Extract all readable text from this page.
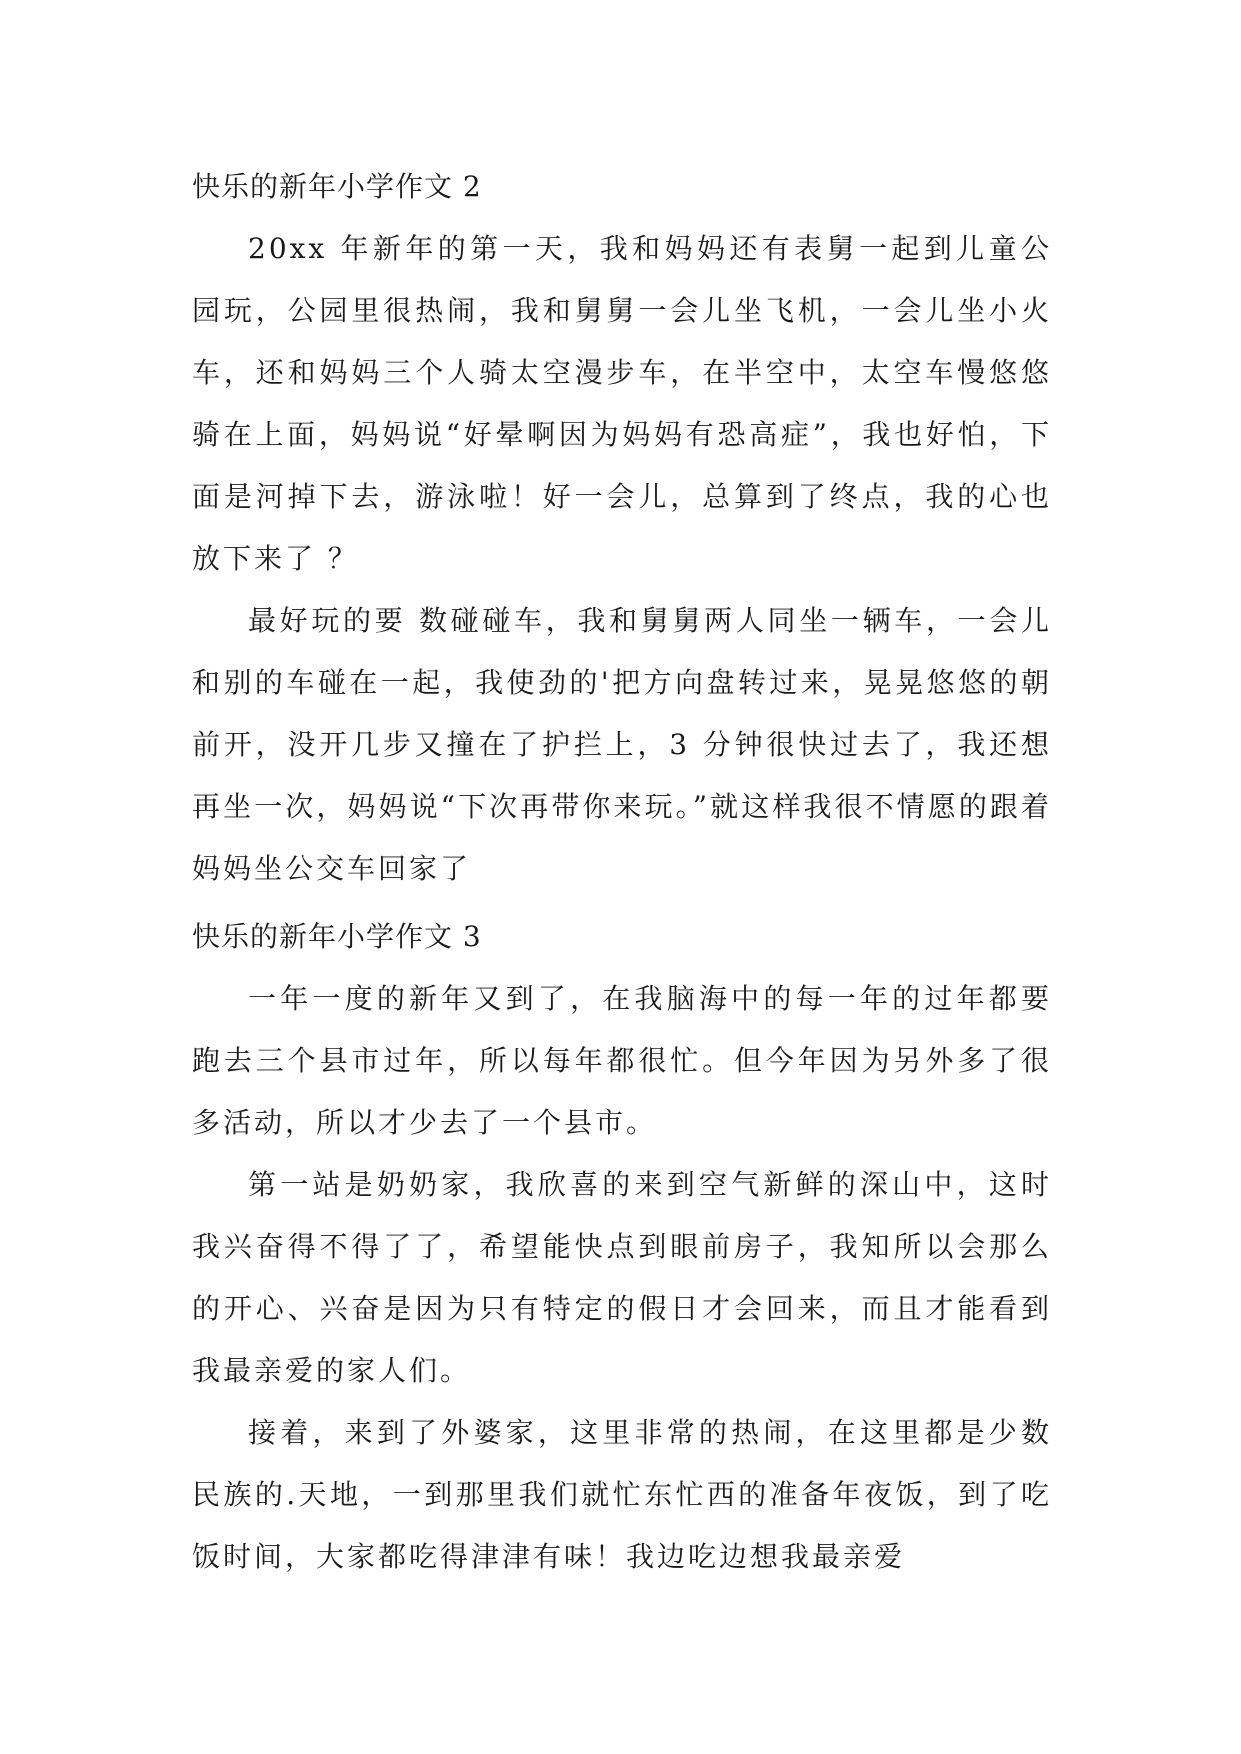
快乐的新年小学作文 2

20xx 年新年的第一天，我和妈妈还有表舅一起到儿童公园玩，公园里很热闹，我和舅舅一会儿坐飞机，一会儿坐小火车，还和妈妈三个人骑太空漫步车，在半空中，太空车慢悠悠骑在上面，妈妈说“好晕啊因为妈妈有恐高症”，我也好怕，下面是河掉下去，游泳啦！好一会儿，总算到了终点，我的心也放下来了 ？

最好玩的要 数碰碰车，我和舅舅两人同坐一辆车，一会儿和别的车碰在一起，我使劲的'把方向盘转过来，晃晃悠悠的朝前开，没开几步又撞在了护拦上，3 分钟很快过去了，我还想再坐一次，妈妈说“下次再带你来玩。”就这样我很不情愿的跟着妈妈坐公交车回家了

快乐的新年小学作文 3

一年一度的新年又到了，在我脑海中的每一年的过年都要跑去三个县市过年，所以每年都很忙。但今年因为另外多了很多活动，所以才少去了一个县市。

第一站是奶奶家，我欣喜的来到空气新鲜的深山中，这时我兴奋得不得了了，希望能快点到眼前房子，我知所以会那么的开心、兴奋是因为只有特定的假日才会回来，而且才能看到我最亲爱的家人们。

接着，来到了外婆家，这里非常的热闹，在这里都是少数民族的.天地，一到那里我们就忙东忙西的准备年夜饭，到了吃饭时间，大家都吃得津津有味！我边吃边想我最亲爱
